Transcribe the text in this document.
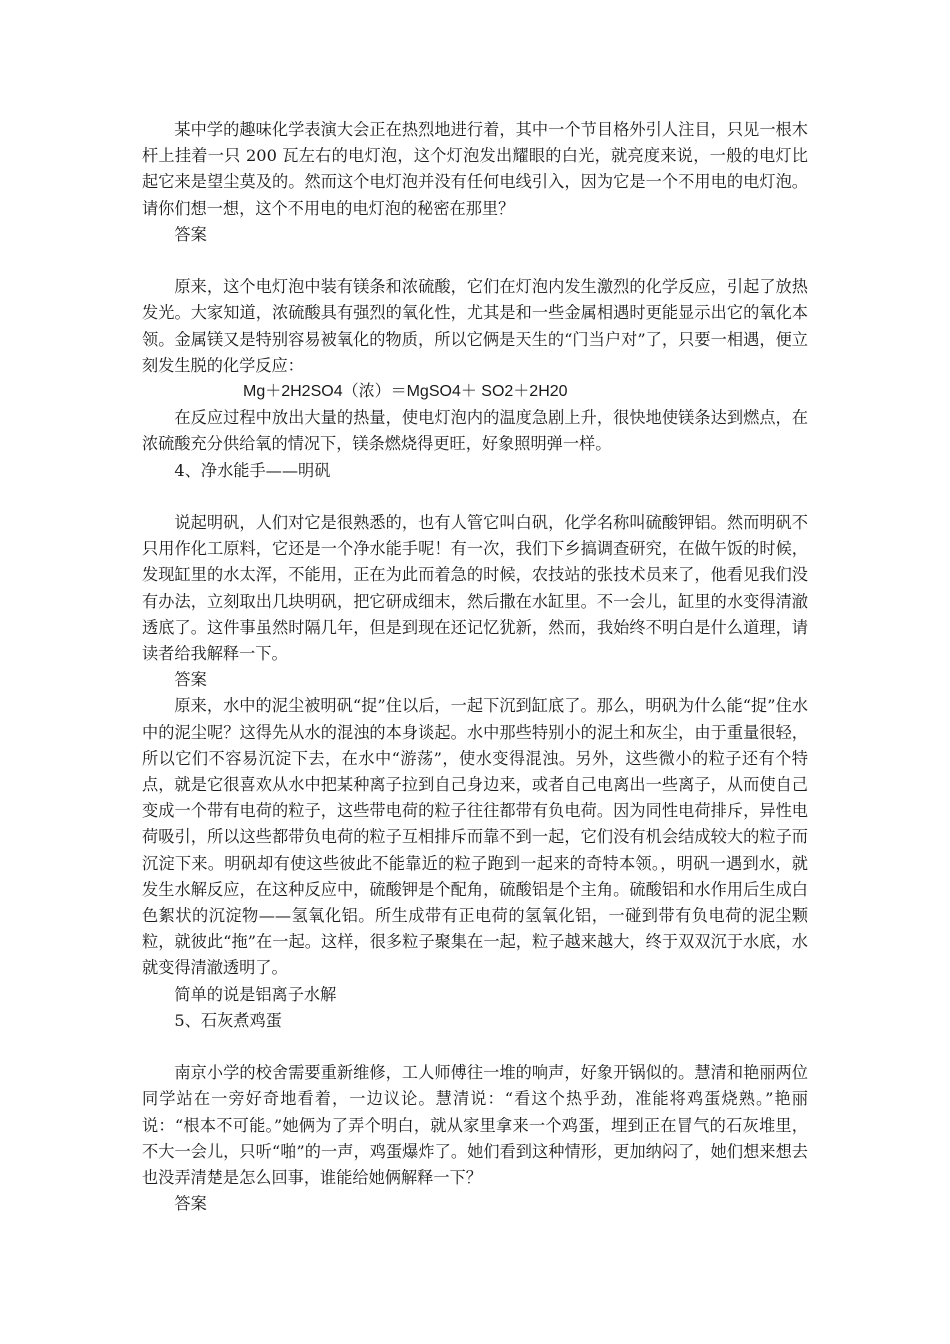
某中学的趣味化学表演大会正在热烈地进行着，其中一个节目格外引人注目，只见一根木杆上挂着一只 200 瓦左右的电灯泡，这个灯泡发出耀眼的白光，就亮度来说，一般的电灯比起它来是望尘莫及的。然而这个电灯泡并没有任何电线引入，因为它是一个不用电的电灯泡。请你们想一想，这个不用电的电灯泡的秘密在那里？

答案

原来，这个电灯泡中装有镁条和浓硫酸，它们在灯泡内发生激烈的化学反应，引起了放热发光。大家知道，浓硫酸具有强烈的氧化性，尤其是和一些金属相遇时更能显示出它的氧化本领。金属镁又是特别容易被氧化的物质，所以它俩是天生的“门当户对”了，只要一相遇，便立刻发生脱的化学反应：

Mg＋2H2SO4（浓）＝MgSO4＋ SO2＋2H20

在反应过程中放出大量的热量，使电灯泡内的温度急剧上升，很快地使镁条达到燃点，在浓硫酸充分供给氧的情况下，镁条燃烧得更旺，好象照明弹一样。

4、净水能手——明矾

说起明矾，人们对它是很熟悉的，也有人管它叫白矾，化学名称叫硫酸钾铝。然而明矾不只用作化工原料，它还是一个净水能手呢！有一次，我们下乡搞调查研究，在做午饭的时候，发现缸里的水太浑，不能用，正在为此而着急的时候，农技站的张技术员来了，他看见我们没有办法，立刻取出几块明矾，把它研成细末，然后撒在水缸里。不一会儿，缸里的水变得清澈透底了。这件事虽然时隔几年，但是到现在还记忆犹新，然而，我始终不明白是什么道理，请读者给我解释一下。

答案

原来，水中的泥尘被明矾“捉”住以后，一起下沉到缸底了。那么，明矾为什么能“捉”住水中的泥尘呢？这得先从水的混浊的本身谈起。水中那些特别小的泥土和灰尘，由于重量很轻，所以它们不容易沉淀下去，在水中“游荡”，使水变得混浊。另外，这些微小的粒子还有个特点，就是它很喜欢从水中把某种离子拉到自己身边来，或者自己电离出一些离子，从而使自己变成一个带有电荷的粒子，这些带电荷的粒子往往都带有负电荷。因为同性电荷排斥，异性电荷吸引，所以这些都带负电荷的粒子互相排斥而靠不到一起，它们没有机会结成较大的粒子而沉淀下来。明矾却有使这些彼此不能靠近的粒子跑到一起来的奇特本领。，明矾一遇到水，就发生水解反应，在这种反应中，硫酸钾是个配角，硫酸铝是个主角。硫酸铝和水作用后生成白色絮状的沉淀物——氢氧化铝。所生成带有正电荷的氢氧化铝，一碰到带有负电荷的泥尘颗粒，就彼此“拖”在一起。这样，很多粒子聚集在一起，粒子越来越大，终于双双沉于水底，水就变得清澈透明了。

简单的说是铝离子水解

5、石灰煮鸡蛋

南京小学的校舍需要重新维修，工人师傅往一堆的响声，好象开锅似的。慧清和艳丽两位同学站在一旁好奇地看着，一边议论。慧清说：“看这个热乎劲，准能将鸡蛋烧熟。”艳丽说：“根本不可能。”她俩为了弄个明白，就从家里拿来一个鸡蛋，埋到正在冒气的石灰堆里，不大一会儿，只听“啪”的一声，鸡蛋爆炸了。她们看到这种情形，更加纳闷了，她们想来想去也没弄清楚是怎么回事，谁能给她俩解释一下？

答案
